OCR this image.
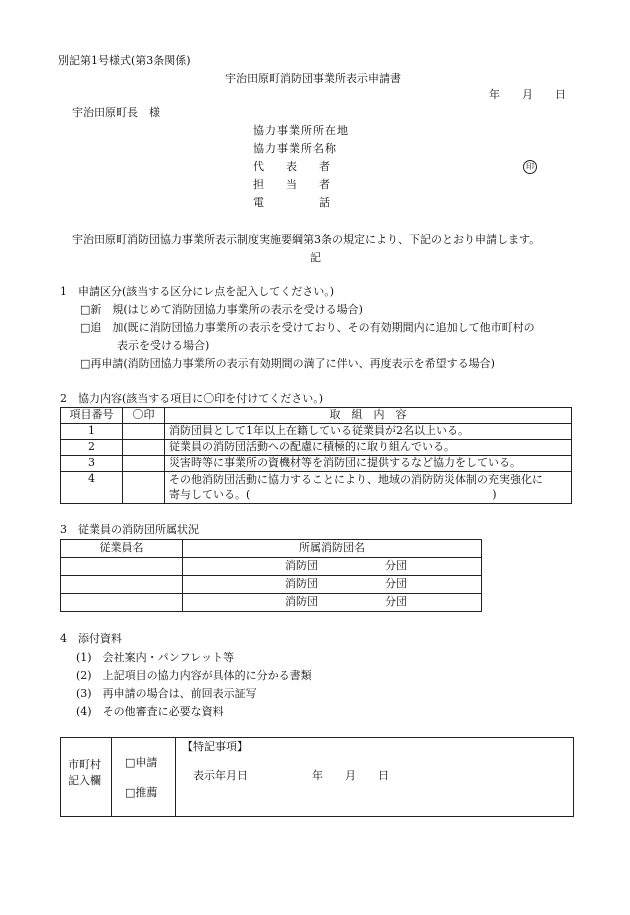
別記第1号様式(第3条関係)
宇治田原町消防団事業所表示申請書
年　　月　　日
宇治田原町長　様
協力事業所所在地
協力事業所名称
代　　表　　者	印
担　　当　　者
電　　　　　話
宇治田原町消防団協力事業所表示制度実施要綱第3条の規定により、下記のとおり申請します。
記
1　申請区分(該当する区分にレ点を記入してください。)
□新　規(はじめて消防団協力事業所の表示を受ける場合)
□追　加(既に消防団協力事業所の表示を受けており、その有効期間内に追加して他市町村の
表示を受ける場合)
□再申請(消防団協力事業所の表示有効期間の満了に伴い、再度表示を希望する場合)
2　協力内容(該当する項目に〇印を付けてください。)
項目番号	〇印	取　組　内　容
1		消防団員として1年以上在籍している従業員が2名以上いる。
2		従業員の消防団活動への配慮に積極的に取り組んでいる。
3		災害時等に事業所の資機材等を消防団に提供するなど協力をしている。
4		その他消防団活動に協力することにより、地域の消防防災体制の充実強化に
寄与している。(　　　　　　　　　　　　　　　　　　　　　　)
3　従業員の消防団所属状況
従業員名	所属消防団名
	消防団 分団
	消防団 分団
	消防団 分団
4　添付資料
(1)　会社案内・パンフレット等
(2)　上記項目の協力内容が具体的に分かる書類
(3)　再申請の場合は、前回表示証写
(4)　その他審査に必要な資料
市町村
記入欄
□申請
□推薦
【特記事項】
表示年月日	年　　月　　日
